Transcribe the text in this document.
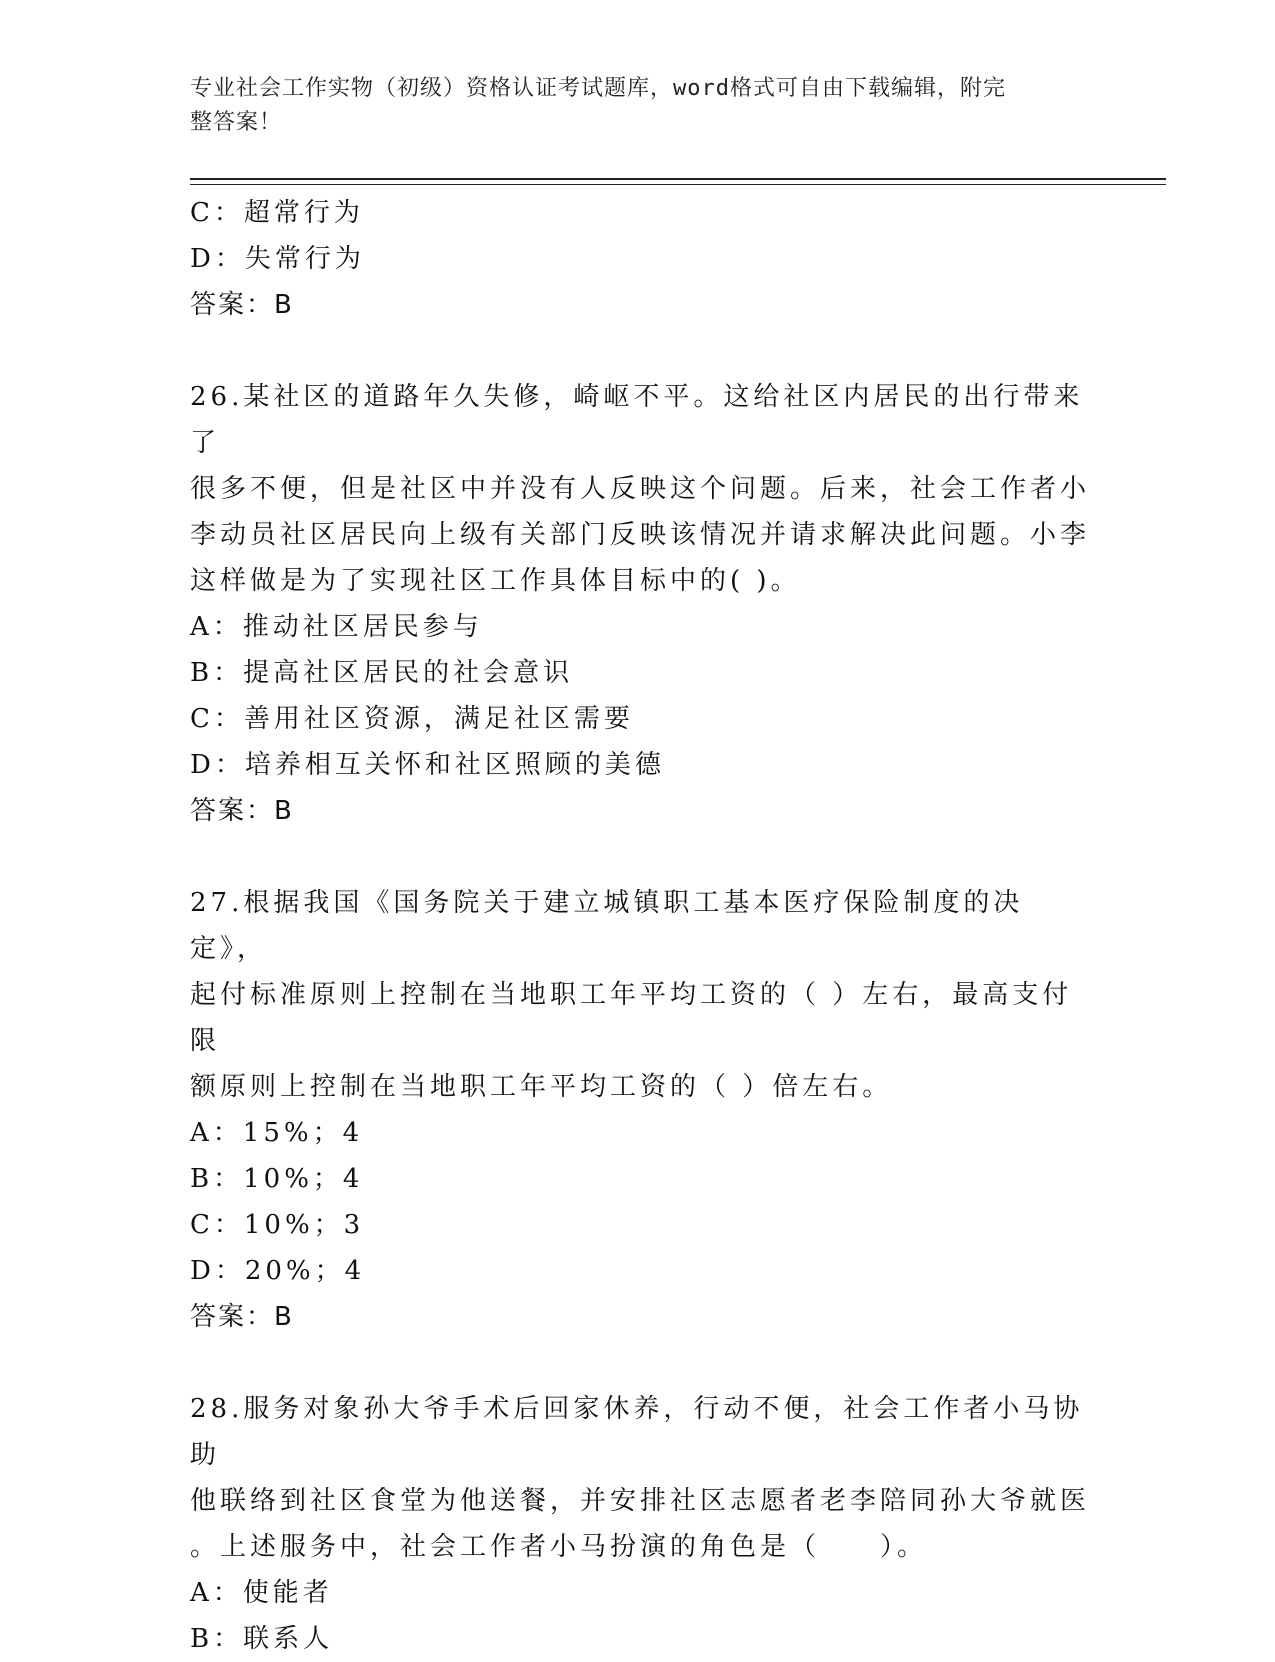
专业社会工作实物（初级）资格认证考试题库，word格式可自由下载编辑，附完
整答案！
C：超常行为
D：失常行为
答案：B
26.某社区的道路年久失修，崎岖不平。这给社区内居民的出行带来了
很多不便，但是社区中并没有人反映这个问题。后来，社会工作者小
李动员社区居民向上级有关部门反映该情况并请求解决此问题。小李
这样做是为了实现社区工作具体目标中的( )。
A：推动社区居民参与
B：提高社区居民的社会意识
C：善用社区资源，满足社区需要
D：培养相互关怀和社区照顾的美德
答案：B
27.根据我国《国务院关于建立城镇职工基本医疗保险制度的决定》，
起付标准原则上控制在当地职工年平均工资的（ ）左右，最高支付限
额原则上控制在当地职工年平均工资的（ ）倍左右。
A：15%；4
B：10%；4
C：10%；3
D：20%；4
答案：B
28.服务对象孙大爷手术后回家休养，行动不便，社会工作者小马协助
他联络到社区食堂为他送餐，并安排社区志愿者老李陪同孙大爷就医
。上述服务中，社会工作者小马扮演的角色是（　　）。
A：使能者
B：联系人
